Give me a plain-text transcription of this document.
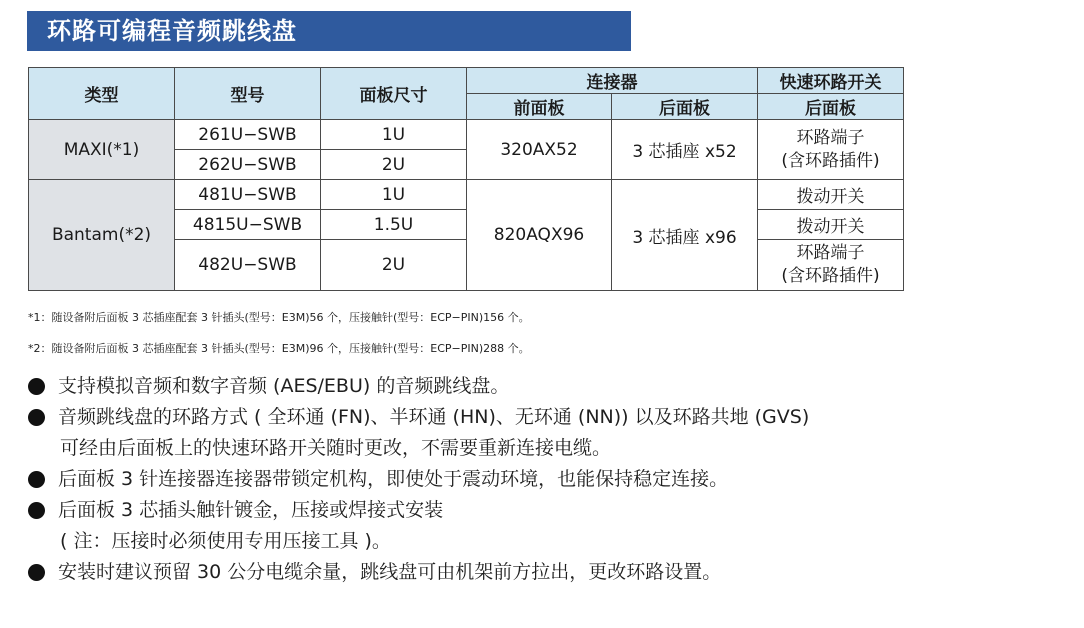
环路可编程音频跳线盘
类型	型号	面板尺寸	连接器		快速环路开关
			前面板	后面板	后面板
MAXI(*1)	261U−SWB	1U	320AX52	3 芯插座 x52	环路端子
(含环路插件)

	262U−SWB	2U			
Bantam(*2)	481U−SWB	1U	820AQX96	3 芯插座 x96	拨动开关
	4815U−SWB	1.5U			拨动开关
	482U−SWB	2U			环路端子
(含环路插件)
*1：随设备附后面板 3 芯插座配套 3 针插头(型号：E3M)56 个，压接触针(型号：ECP−PIN)156 个。
*2：随设备附后面板 3 芯插座配套 3 针插头(型号：E3M)96 个，压接触针(型号：ECP−PIN)288 个。
支持模拟音频和数字音频 (AES/EBU) 的音频跳线盘。
音频跳线盘的环路方式 ( 全环通 (FN)、半环通 (HN)、无环通 (NN)) 以及环路共地 (GVS)
可经由后面板上的快速环路开关随时更改，不需要重新连接电缆。
后面板 3 针连接器连接器带锁定机构，即使处于震动环境，也能保持稳定连接。
后面板 3 芯插头触针镀金，压接或焊接式安装
( 注：压接时必须使用专用压接工具 )。
安装时建议预留 30 公分电缆余量，跳线盘可由机架前方拉出，更改环路设置。
